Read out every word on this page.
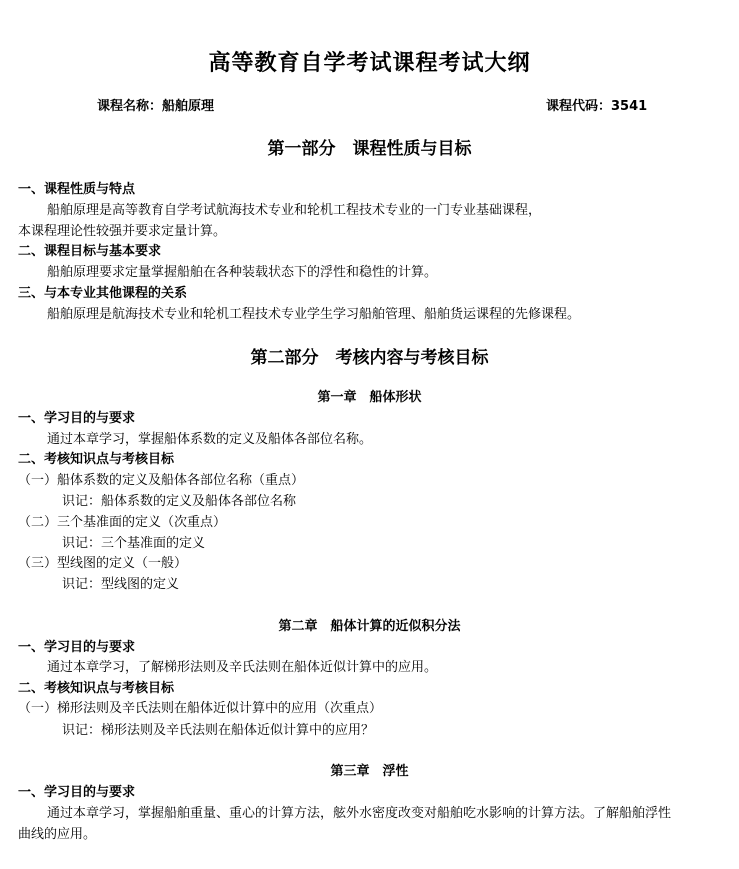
高等教育自学考试课程考试大纲
课程名称：船舶原理	课程代码：3541
第一部分　课程性质与目标
一、课程性质与特点
船舶原理是高等教育自学考试航海技术专业和轮机工程技术专业的一门专业基础课程，
本课程理论性较强并要求定量计算。
二、课程目标与基本要求
船舶原理要求定量掌握船舶在各种装载状态下的浮性和稳性的计算。
三、与本专业其他课程的关系
船舶原理是航海技术专业和轮机工程技术专业学生学习船舶管理、船舶货运课程的先修课程。
第二部分　考核内容与考核目标
第一章　船体形状
一、学习目的与要求
通过本章学习，掌握船体系数的定义及船体各部位名称。
二、考核知识点与考核目标
（一）船体系数的定义及船体各部位名称（重点）
识记：船体系数的定义及船体各部位名称
（二）三个基准面的定义（次重点）
识记：三个基准面的定义
（三）型线图的定义（一般）
识记：型线图的定义
第二章　船体计算的近似积分法
一、学习目的与要求
通过本章学习，了解梯形法则及辛氏法则在船体近似计算中的应用。
二、考核知识点与考核目标
（一）梯形法则及辛氏法则在船体近似计算中的应用（次重点）
识记：梯形法则及辛氏法则在船体近似计算中的应用？
第三章　浮性
一、学习目的与要求
通过本章学习，掌握船舶重量、重心的计算方法，舷外水密度改变对船舶吃水影响的计算方法。了解船舶浮性
曲线的应用。
